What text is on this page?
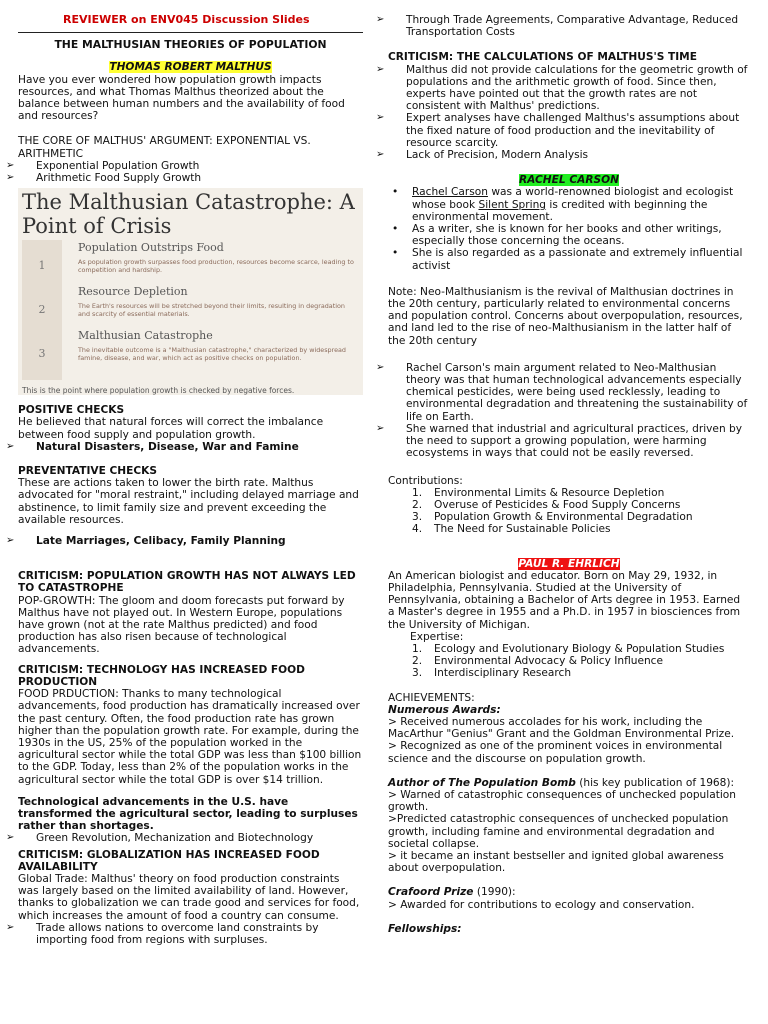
REVIEWER on ENV045 Discussion Slides

THE MALTHUSIAN THEORIES OF POPULATION

THOMAS ROBERT MALTHUS

Have you ever wondered how population growth impacts resources, and what Thomas Malthus theorized about the balance between human numbers and the availability of food and resources?

THE CORE OF MALTHUS' ARGUMENT: EXPONENTIAL VS. ARITHMETIC

➢ Exponential Population Growth

➢ Arithmetic Food Supply Growth

The Malthusian Catastrophe: A Point of Crisis
1
Population Outstrips Food
As population growth surpasses food production, resources become scarce, leading to competition and hardship.
2
Resource Depletion
The Earth's resources will be stretched beyond their limits, resulting in degradation and scarcity of essential materials.
3
Malthusian Catastrophe
The inevitable outcome is a "Malthusian catastrophe," characterized by widespread famine, disease, and war, which act as positive checks on population.
This is the point where population growth is checked by negative forces.

POSITIVE CHECKS

He believed that natural forces will correct the imbalance between food supply and population growth.

➢ Natural Disasters, Disease, War and Famine

PREVENTATIVE CHECKS

These are actions taken to lower the birth rate. Malthus advocated for "moral restraint," including delayed marriage and abstinence, to limit family size and prevent exceeding the available resources.

➢ Late Marriages, Celibacy, Family Planning

CRITICISM: POPULATION GROWTH HAS NOT ALWAYS LED TO CATASTROPHE

POP-GROWTH: The gloom and doom forecasts put forward by Malthus have not played out. In Western Europe, populations have grown (not at the rate Malthus predicted) and food production has also risen because of technological advancements.

CRITICISM: TECHNOLOGY HAS INCREASED FOOD PRODUCTION

FOOD PRDUCTION: Thanks to many technological advancements, food production has dramatically increased over the past century. Often, the food production rate has grown higher than the population growth rate. For example, during the 1930s in the US, 25% of the population worked in the agricultural sector while the total GDP was less than $100 billion to the GDP. Today, less than 2% of the population works in the agricultural sector while the total GDP is over $14 trillion.

Technological advancements in the U.S. have transformed the agricultural sector, leading to surpluses rather than shortages.

➢ Green Revolution, Mechanization and Biotechnology

CRITICISM: GLOBALIZATION HAS INCREASED FOOD AVAILABILITY

Global Trade: Malthus' theory on food production constraints was largely based on the limited availability of land. However, thanks to globalization we can trade good and services for food, which increases the amount of food a country can consume.

➢ Trade allows nations to overcome land constraints by importing food from regions with surpluses.

➢ Through Trade Agreements, Comparative Advantage, Reduced Transportation Costs

CRITICISM: THE CALCULATIONS OF MALTHUS'S TIME

➢ Malthus did not provide calculations for the geometric growth of populations and the arithmetic growth of food. Since then, experts have pointed out that the growth rates are not consistent with Malthus' predictions.

➢ Expert analyses have challenged Malthus's assumptions about the fixed nature of food production and the inevitability of resource scarcity.

➢ Lack of Precision, Modern Analysis

RACHEL CARSON

• Rachel Carson was a world-renowned biologist and ecologist whose book Silent Spring is credited with beginning the environmental movement.

• As a writer, she is known for her books and other writings, especially those concerning the oceans.

• She is also regarded as a passionate and extremely influential activist

Note: Neo-Malthusianism is the revival of Malthusian doctrines in the 20th century, particularly related to environmental concerns and population control. Concerns about overpopulation, resources, and land led to the rise of neo-Malthusianism in the latter half of the 20th century

➢ Rachel Carson's main argument related to Neo-Malthusian theory was that human technological advancements especially chemical pesticides, were being used recklessly, leading to environmental degradation and threatening the sustainability of life on Earth.

➢ She warned that industrial and agricultural practices, driven by the need to support a growing population, were harming ecosystems in ways that could not be easily reversed.

Contributions:

1. Environmental Limits & Resource Depletion

2. Overuse of Pesticides & Food Supply Concerns

3. Population Growth & Environmental Degradation

4. The Need for Sustainable Policies

PAUL R. EHRLICH

An American biologist and educator. Born on May 29, 1932, in Philadelphia, Pennsylvania. Studied at the University of Pennsylvania, obtaining a Bachelor of Arts degree in 1953. Earned a Master's degree in 1955 and a Ph.D. in 1957 in biosciences from the University of Michigan.

Expertise:

1. Ecology and Evolutionary Biology & Population Studies

2. Environmental Advocacy & Policy Influence

3. Interdisciplinary Research

ACHIEVEMENTS:

Numerous Awards:

> Received numerous accolades for his work, including the MacArthur "Genius" Grant and the Goldman Environmental Prize.

> Recognized as one of the prominent voices in environmental science and the discourse on population growth.

Author of The Population Bomb (his key publication of 1968):

> Warned of catastrophic consequences of unchecked population growth.

>Predicted catastrophic consequences of unchecked population growth, including famine and environmental degradation and societal collapse.

> it became an instant bestseller and ignited global awareness about overpopulation.

Crafoord Prize (1990):

> Awarded for contributions to ecology and conservation.

Fellowships:
